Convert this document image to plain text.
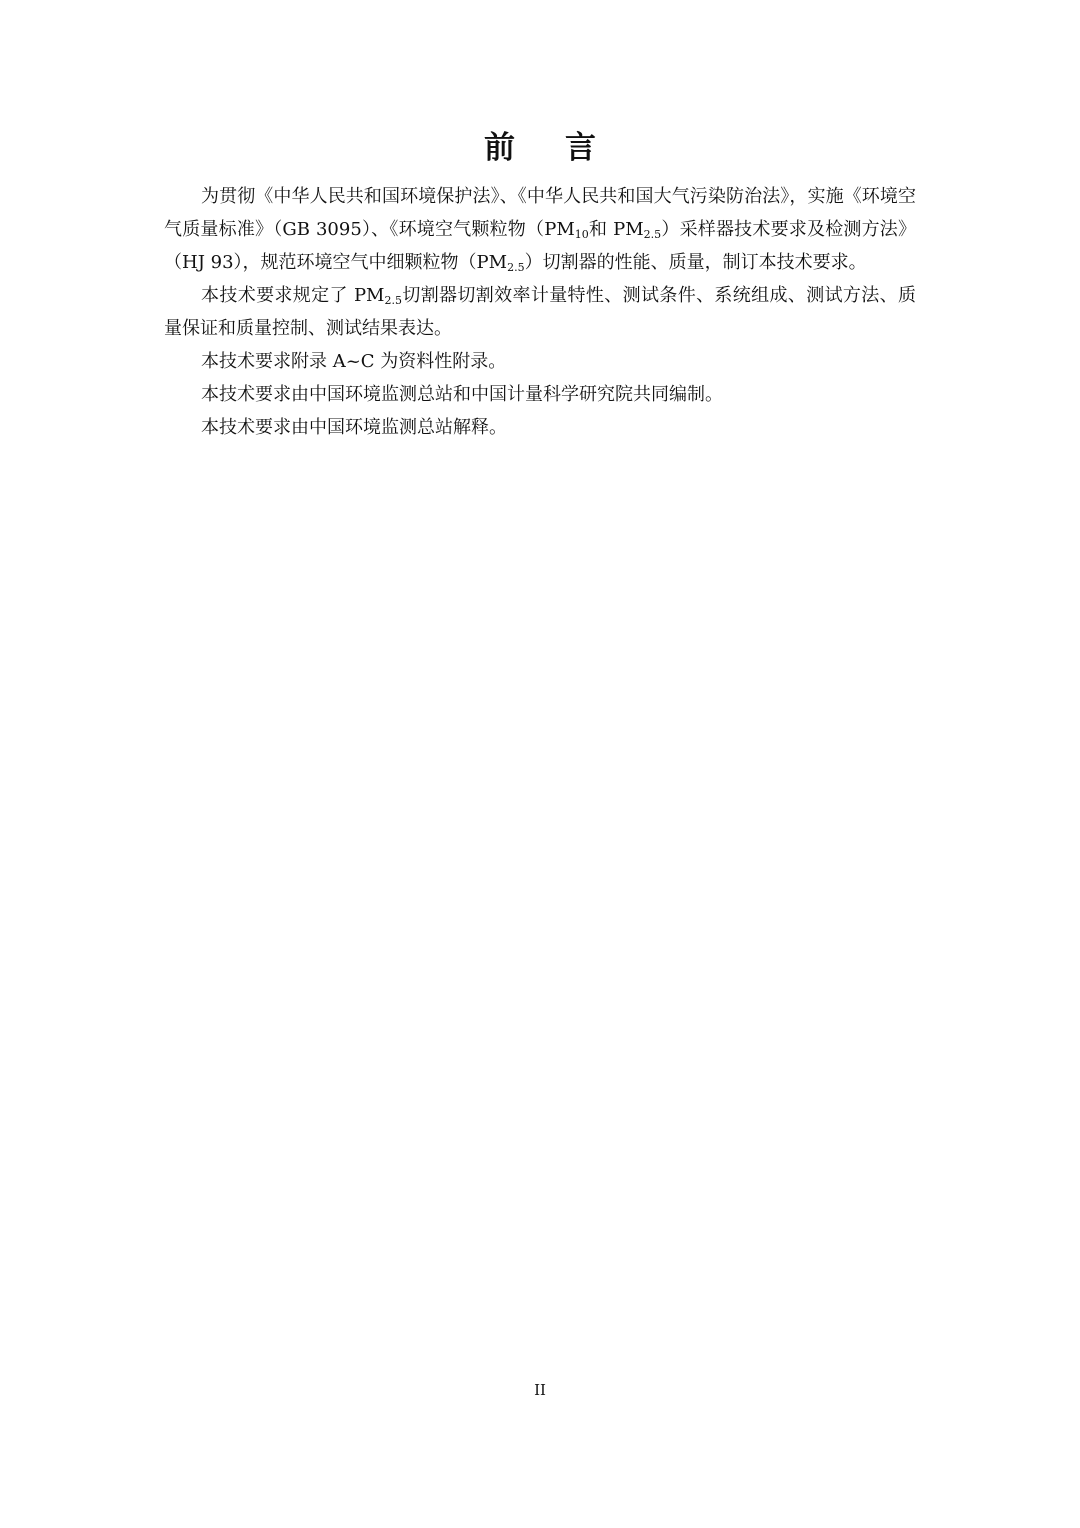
前言

为贯彻《中华人民共和国环境保护法》、《中华人民共和国大气污染防治法》，实施《环境空气质量标准》（GB 3095）、《环境空气颗粒物（$PM_{10}$和 $PM_{2.5}$）采样器技术要求及检测方法》（HJ 93），规范环境空气中细颗粒物$(PM_{2.5})$切割器的性能、质量，制订本技术要求。

本技术要求规定了 $PM_{2.5}$切割器切割效率计量特性、测试条件、系统组成、测试方法、质量保证和质量控制、测试结果表达。

本技术要求附录 A~C 为资料性附录。

本技术要求由中国环境监测总站和中国计量科学研究院共同编制。

本技术要求由中国环境监测总站解释。

II
